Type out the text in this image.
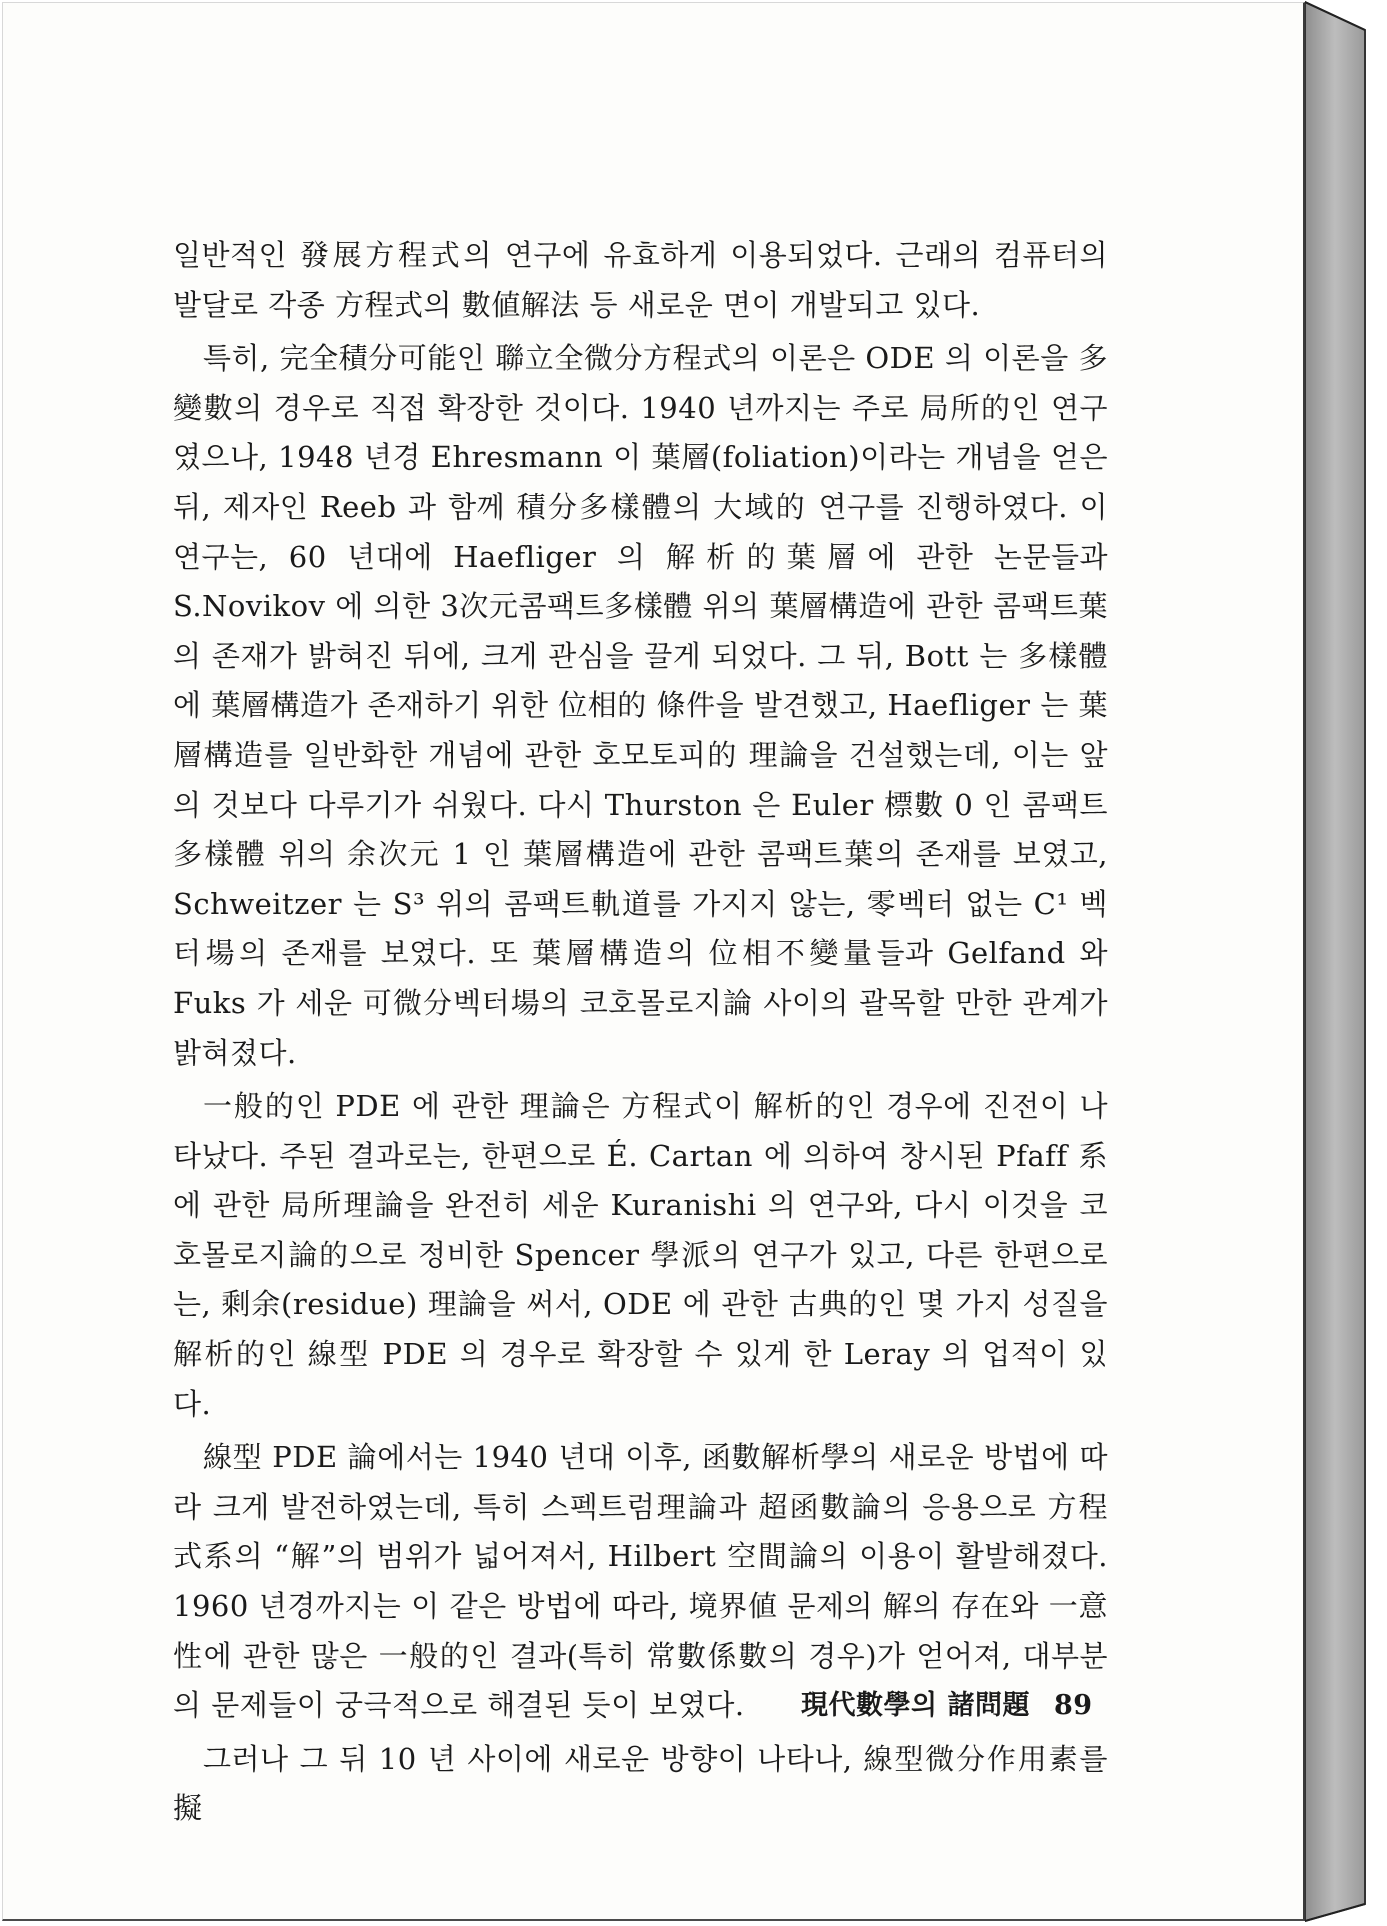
일반적인 發展方程式의 연구에 유효하게 이용되었다. 근래의 컴퓨터의 발달로 각종 方程式의 數値解法 등 새로운 면이 개발되고 있다.

특히, 完全積分可能인 聯立全微分方程式의 이론은 ODE 의 이론을 多變數의 경우로 직접 확장한 것이다. 1940 년까지는 주로 局所的인 연구였으나, 1948 년경 Ehresmann 이 葉層(foliation)이라는 개념을 얻은 뒤, 제자인 Reeb 과 함께 積分多樣體의 大域的 연구를 진행하였다. 이 연구는, 60 년대에 Haefliger 의 解析的葉層에 관한 논문들과 S.Novikov 에 의한 3次元콤팩트多樣體 위의 葉層構造에 관한 콤팩트葉의 존재가 밝혀진 뒤에, 크게 관심을 끌게 되었다. 그 뒤, Bott 는 多樣體에 葉層構造가 존재하기 위한 位相的 條件을 발견했고, Haefliger 는 葉層構造를 일반화한 개념에 관한 호모토피的 理論을 건설했는데, 이는 앞의 것보다 다루기가 쉬웠다. 다시 Thurston 은 Euler 標數 0 인 콤팩트多樣體 위의 余次元 1 인 葉層構造에 관한 콤팩트葉의 존재를 보였고, Schweitzer 는 S³ 위의 콤팩트軌道를 가지지 않는, 零벡터 없는 C¹ 벡터場의 존재를 보였다. 또 葉層構造의 位相不變量들과 Gelfand 와 Fuks 가 세운 可微分벡터場의 코호몰로지論 사이의 괄목할 만한 관계가 밝혀졌다.

一般的인 PDE 에 관한 理論은 方程式이 解析的인 경우에 진전이 나타났다. 주된 결과로는, 한편으로 É. Cartan 에 의하여 창시된 Pfaff 系에 관한 局所理論을 완전히 세운 Kuranishi 의 연구와, 다시 이것을 코호몰로지論的으로 정비한 Spencer 學派의 연구가 있고, 다른 한편으로는, 剩余(residue) 理論을 써서, ODE 에 관한 古典的인 몇 가지 성질을 解析的인 線型 PDE 의 경우로 확장할 수 있게 한 Leray 의 업적이 있다.

線型 PDE 論에서는 1940 년대 이후, 函數解析學의 새로운 방법에 따라 크게 발전하였는데, 특히 스펙트럼理論과 超函數論의 응용으로 方程式系의 “解”의 범위가 넓어져서, Hilbert 空間論의 이용이 활발해졌다. 1960 년경까지는 이 같은 방법에 따라, 境界値 문제의 解의 存在와 一意性에 관한 많은 一般的인 결과(특히 常數係數의 경우)가 얻어져, 대부분의 문제들이 궁극적으로 해결된 듯이 보였다.

그러나 그 뒤 10 년 사이에 새로운 방향이 나타나, 線型微分作用素를 擬

現代數學의 諸問題 89
